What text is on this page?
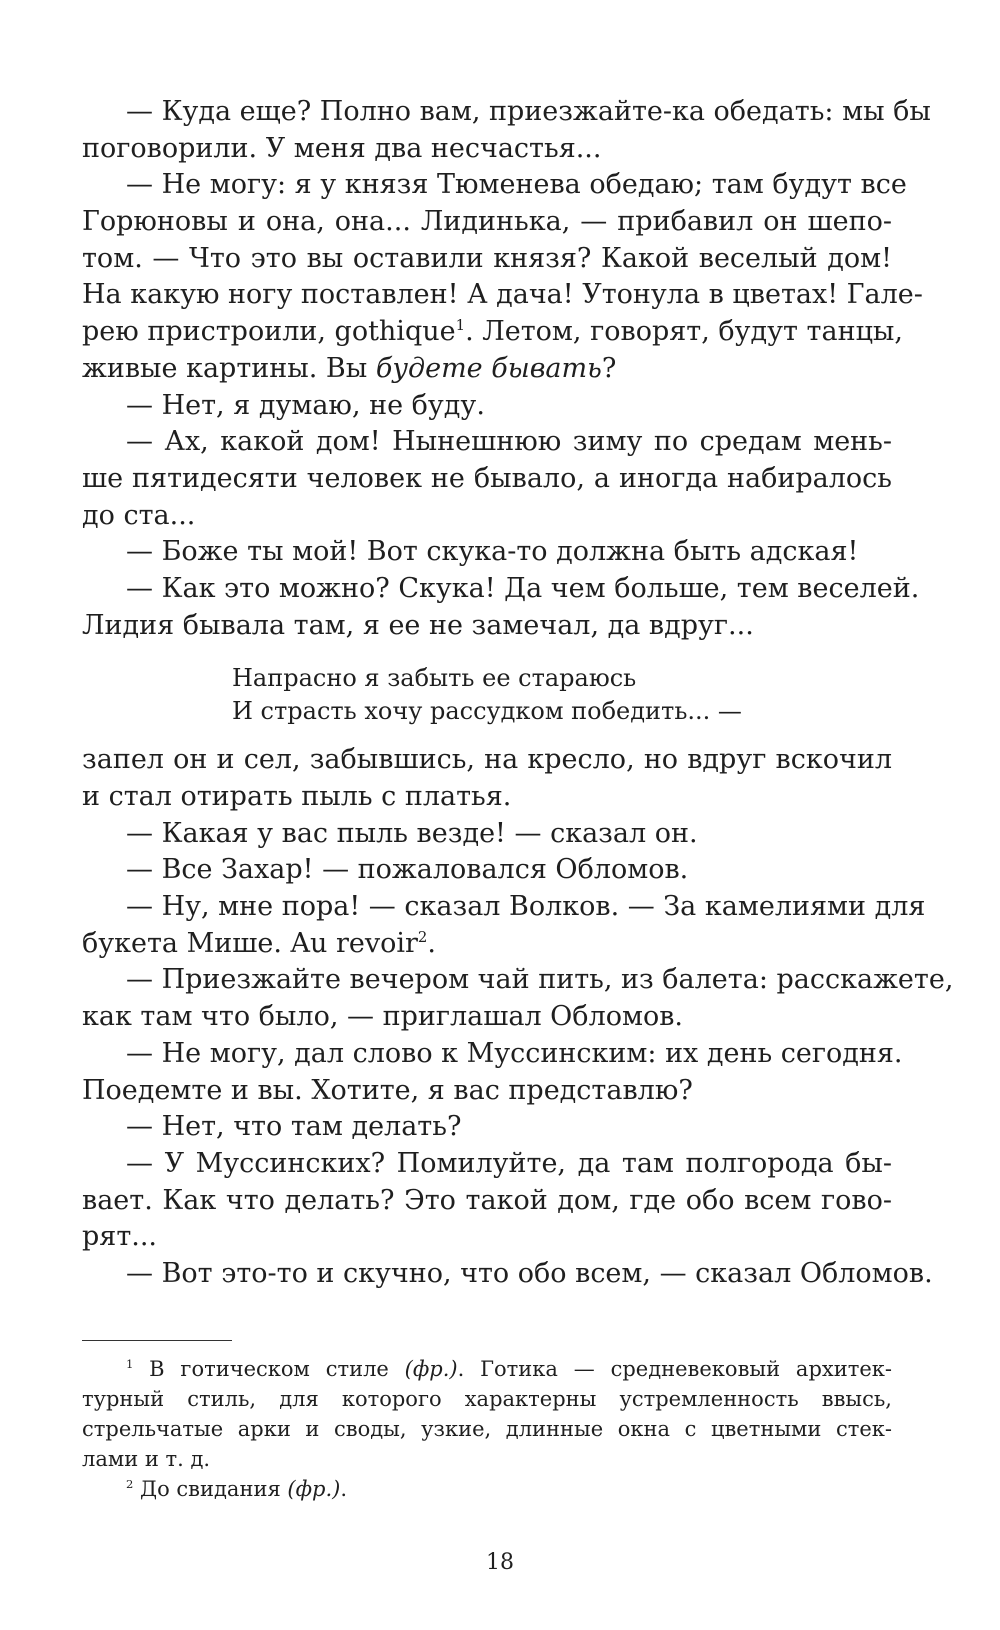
— Куда еще? Полно вам, приезжайте-ка обедать: мы бы
поговорили. У меня два несчастья...
— Не могу: я у князя Тюменева обедаю; там будут все
Горюновы и она, она... Лидинька, — прибавил он шепо-
том. — Что это вы оставили князя? Какой веселый дом!
На какую ногу поставлен! А дача! Утонула в цветах! Гале-
рею пристроили, gothique$^1$. Летом, говорят, будут танцы,
живые картины. Вы будете бывать?
— Нет, я думаю, не буду.
— Ах, какой дом! Нынешнюю зиму по средам мень-
ше пятидесяти человек не бывало, а иногда набиралось
до ста...
— Боже ты мой! Вот скука-то должна быть адская!
— Как это можно? Скука! Да чем больше, тем веселей.
Лидия бывала там, я ее не замечал, да вдруг...
Напрасно я забыть ее стараюсь
И страсть хочу рассудком победить... —
запел он и сел, забывшись, на кресло, но вдруг вскочил
и стал отирать пыль с платья.
— Какая у вас пыль везде! — сказал он.
— Все Захар! — пожаловался Обломов.
— Ну, мне пора! — сказал Волков. — За камелиями для
букета Мише. Au revoir$^2$.
— Приезжайте вечером чай пить, из балета: расскажете,
как там что было, — приглашал Обломов.
— Не могу, дал слово к Муссинским: их день сегодня.
Поедемте и вы. Хотите, я вас представлю?
— Нет, что там делать?
— У Муссинских? Помилуйте, да там полгорода бы-
вает. Как что делать? Это такой дом, где обо всем гово-
рят...
— Вот это-то и скучно, что обо всем, — сказал Обломов.
$^1$ В готическом стиле (фр.). Готика — средневековый архитек-
турный стиль, для которого характерны устремленность ввысь,
стрельчатые арки и своды, узкие, длинные окна с цветными стек-
лами и т. д.
$^2$ До свидания (фр.).
18
